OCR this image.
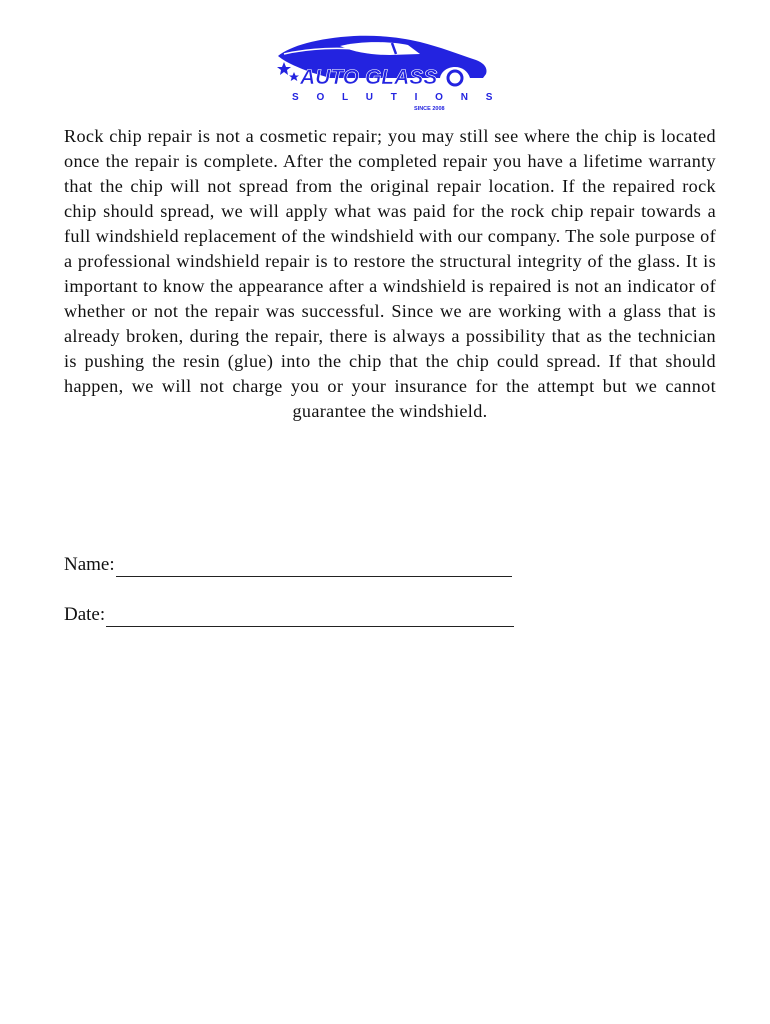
AUTO GLASS
S O L U T I O N S
SINCE 2008

Rock chip repair is not a cosmetic repair; you may still see where the chip is located once the repair is complete. After the completed repair you have a lifetime warranty that the chip will not spread from the original repair location. If the repaired rock chip should spread, we will apply what was paid for the rock chip repair towards a full windshield replacement of the windshield with our company. The sole purpose of a professional windshield repair is to restore the structural integrity of the glass. It is important to know the appearance after a windshield is repaired is not an indicator of whether or not the repair was successful. Since we are working with a glass that is already broken, during the repair, there is always a possibility that as the technician is pushing the resin (glue) into the chip that the chip could spread. If that should happen, we will not charge you or your insurance for the attempt but we cannot guarantee the windshield.

Name:
Date:
